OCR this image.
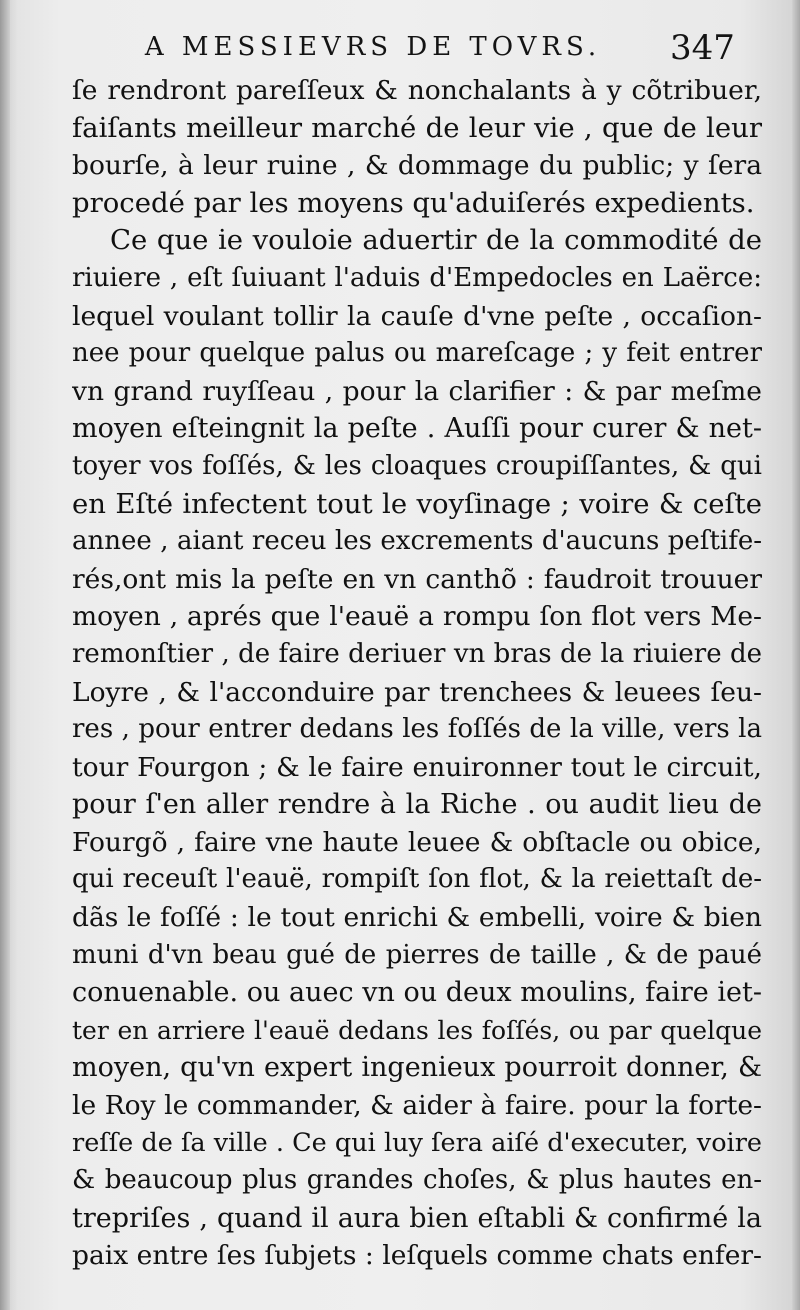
A MESSIEVRS DE TOVRS. 347
ſe rendront pareſſeux & nonchalants à y cõtribuer,
faiſants meilleur marché de leur vie , que de leur
bourſe, à leur ruine , & dommage du public; y ſera
procedé par les moyens qu'aduiſerés expedients.
Ce que ie vouloie aduertir de la commodité de
riuiere , eſt ſuiuant l'aduis d'Empedocles en Laërce:
lequel voulant tollir la cauſe d'vne peſte , occaſion-
nee pour quelque palus ou mareſcage ; y feit entrer
vn grand ruyſſeau , pour la clarifier : & par meſme
moyen eſteingnit la peſte . Auſſi pour curer & net-
toyer vos foſſés, & les cloaques croupiſſantes, & qui
en Eſté infectent tout le voyſinage ; voire & ceſte
annee , aiant receu les excrements d'aucuns peſtife-
rés,ont mis la peſte en vn canthõ : faudroit trouuer
moyen , aprés que l'eauë a rompu ſon flot vers Me-
remonſtier , de faire deriuer vn bras de la riuiere de
Loyre , & l'acconduire par trenchees & leuees ſeu-
res , pour entrer dedans les foſſés de la ville, vers la
tour Fourgon ; & le faire enuironner tout le circuit,
pour ſ'en aller rendre à la Riche . ou audit lieu de
Fourgõ , faire vne haute leuee & obſtacle ou obice,
qui receuſt l'eauë, rompiſt ſon flot, & la reiettaſt de-
dãs le foſſé : le tout enrichi & embelli, voire & bien
muni d'vn beau gué de pierres de taille , & de paué
conuenable. ou auec vn ou deux moulins, faire iet-
ter en arriere l'eauë dedans les foſſés, ou par quelque
moyen, qu'vn expert ingenieux pourroit donner, &
le Roy le commander, & aider à faire. pour la forte-
reſſe de ſa ville . Ce qui luy ſera aiſé d'executer, voire
& beaucoup plus grandes choſes, & plus hautes en-
trepriſes , quand il aura bien eſtabli & confirmé la
paix entre ſes ſubjets : leſquels comme chats enfer-
